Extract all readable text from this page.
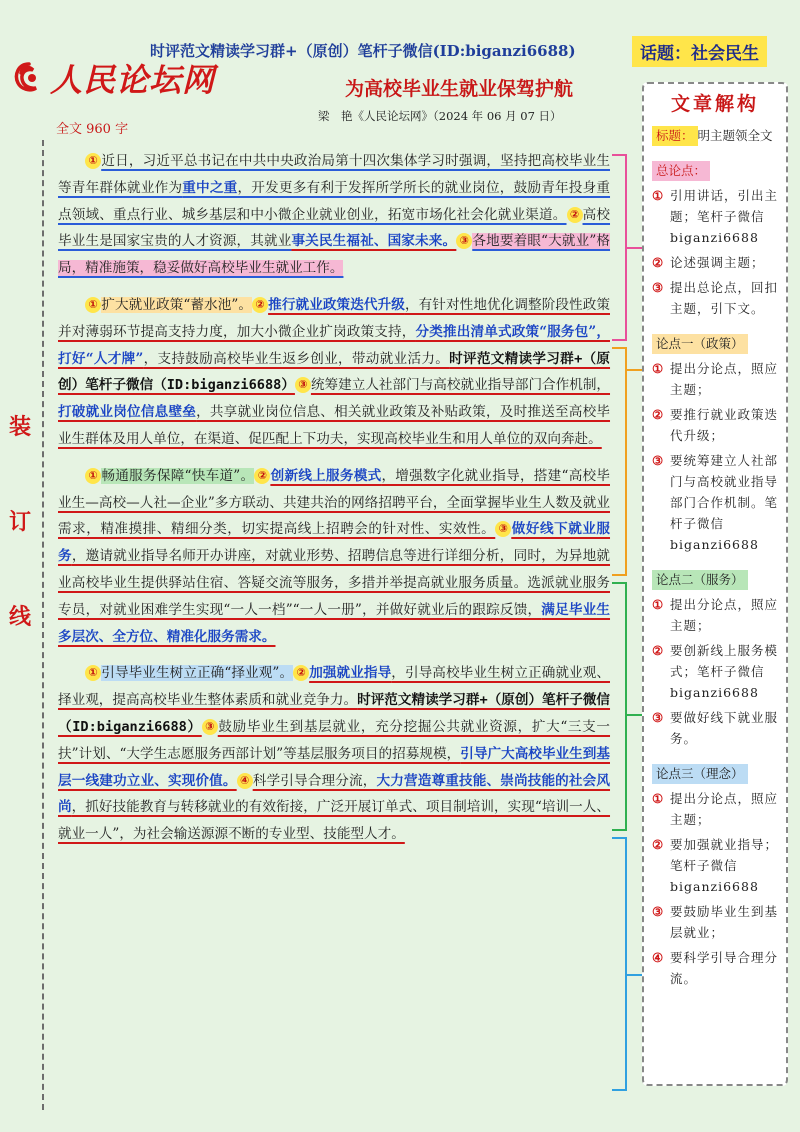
时评范文精读学习群+（原创）笔杆子微信(ID:biganzi6688)	话题：社会民生
人民论坛网	为高校毕业生就业保驾护航
梁　艳《人民论坛网》（2024 年 06 月 07 日）
全文 960 字
装
订
线

① 近日，习近平总书记在中共中央政治局第十四次集体学习时强调，坚持把高校毕业生等青年群体就业作为重中之重，开发更多有利于发挥所学所长的就业岗位，鼓励青年投身重点领域、重点行业、城乡基层和中小微企业就业创业，拓宽市场化社会化就业渠道。 ② 高校毕业生是国家宝贵的人才资源，其就业事关民生福祉、国家未来。 ③ 各地要着眼“大就业”格局，精准施策，稳妥做好高校毕业生就业工作。

① 扩大就业政策“蓄水池”。 ② 推行就业政策迭代升级，有针对性地优化调整阶段性政策并对薄弱环节提高支持力度，加大小微企业扩岗政策支持，分类推出清单式政策“服务包”，打好“人才牌”，支持鼓励高校毕业生返乡创业，带动就业活力。时评范文精读学习群+（原创）笔杆子微信（ID:biganzi6688） ③ 统筹建立人社部门与高校就业指导部门合作机制，打破就业岗位信息壁垒，共享就业岗位信息、相关就业政策及补贴政策，及时推送至高校毕业生群体及用人单位，在渠道、促匹配上下功夫，实现高校毕业生和用人单位的双向奔赴。

① 畅通服务保障“快车道”。 ② 创新线上服务模式，增强数字化就业指导，搭建“高校毕业生—高校—人社—企业”多方联动、共建共治的网络招聘平台，全面掌握毕业生人数及就业需求，精准摸排、精细分类，切实提高线上招聘会的针对性、实效性。 ③ 做好线下就业服务，邀请就业指导名师开办讲座，对就业形势、招聘信息等进行详细分析，同时，为异地就业高校毕业生提供驿站住宿、答疑交流等服务，多措并举提高就业服务质量。选派就业服务专员，对就业困难学生实现“一人一档”“一人一册”，并做好就业后的跟踪反馈，满足毕业生多层次、全方位、精准化服务需求。

① 引导毕业生树立正确“择业观”。 ② 加强就业指导，引导高校毕业生树立正确就业观、择业观，提高高校毕业生整体素质和就业竞争力。时评范文精读学习群+（原创）笔杆子微信（ID:biganzi6688） ③ 鼓励毕业生到基层就业，充分挖掘公共就业资源，扩大“三支一扶”计划、“大学生志愿服务西部计划”等基层服务项目的招募规模，引导广大高校毕业生到基层一线建功立业、实现价值。 ④ 科学引导合理分流，大力营造尊重技能、崇尚技能的社会风尚，抓好技能教育与转移就业的有效衔接，广泛开展订单式、项目制培训，实现“培训一人、就业一人”，为社会输送源源不断的专业型、技能型人才。

文章解构
标题： 明主题领全文
总论点：
① 引用讲话，引出主题；笔杆子微信 biganzi6688
② 论述强调主题；
③ 提出总论点，回扣主题，引下文。
论点一（政策）
① 提出分论点，照应主题；
② 要推行就业政策迭代升级；
③ 要统筹建立人社部门与高校就业指导部门合作机制。笔杆子微信 biganzi6688
论点二（服务）
① 提出分论点，照应主题；
② 要创新线上服务模式；笔杆子微信 biganzi6688
③ 要做好线下就业服务。
论点三（理念）
① 提出分论点，照应主题；
② 要加强就业指导；笔杆子微信 biganzi6688
③ 要鼓励毕业生到基层就业；
④ 要科学引导合理分流。
